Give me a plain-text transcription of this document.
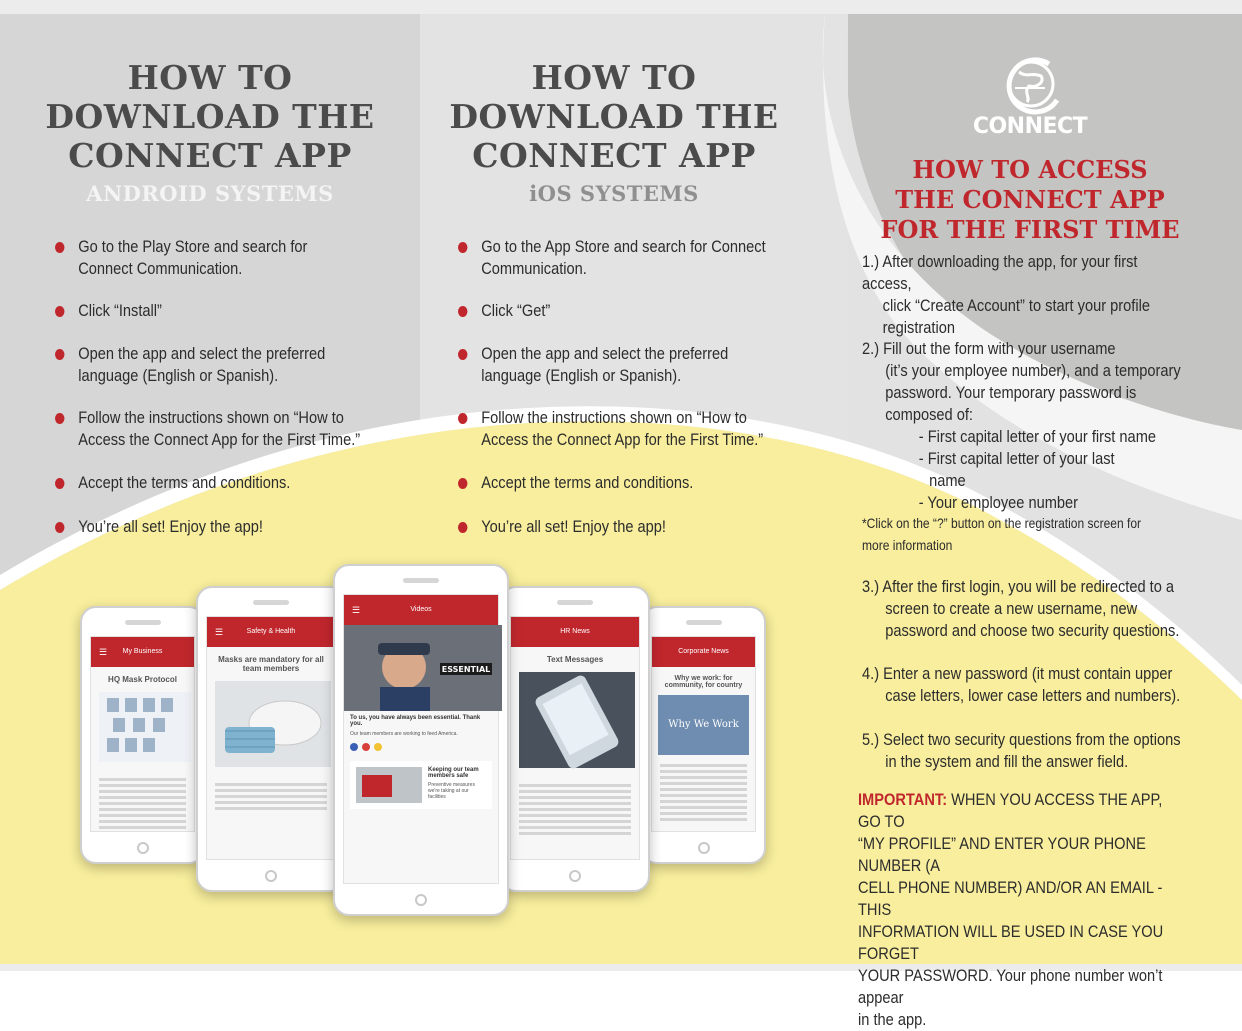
HOW TO
DOWNLOAD THE
CONNECT APP
ANDROID SYSTEMS
Go to the Play Store and search for Connect Communication.
Click “Install”
Open the app and select the preferred language (English or Spanish).
Follow the instructions shown on “How to Access the Connect App for the First Time.”
Accept the terms and conditions.
You’re all set! Enjoy the app!
HOW TO
DOWNLOAD THE
CONNECT APP
iOS SYSTEMS
Go to the App Store and search for Connect Communication.
Click “Get”
Open the app and select the preferred language (English or Spanish).
Follow the instructions shown on “How to Access the Connect App for the First Time.”
Accept the terms and conditions.
You’re all set! Enjoy the app!
CONNECT
HOW TO ACCESS
THE CONNECT APP
FOR THE FIRST TIME
1.) After downloading the app, for your first access,
click “Create Account” to start your profile
registration
2.) Fill out the form with your username
(it’s your employee number), and a temporary
password. Your temporary password is
composed of:
- First capital letter of your first name
- First capital letter of your last
name
- Your employee number
*Click on the “?” button on the registration screen for
more information
3.) After the first login, you will be redirected to a
screen to create a new username, new
password and choose two security questions.
4.) Enter a new password (it must contain upper
case letters, lower case letters and numbers).
5.) Select two security questions from the options
in the system and fill the answer field.
IMPORTANT: WHEN YOU ACCESS THE APP, GO TO
“MY PROFILE” AND ENTER YOUR PHONE NUMBER (A
CELL PHONE NUMBER) AND/OR AN EMAIL - THIS
INFORMATION WILL BE USED IN CASE YOU FORGET
YOUR PASSWORD. Your phone number won’t appear
in the app.
☰ My Business
HQ Mask Protocol
Corporate News
Why we work: for community, for country
Why We Work
☰	Safety & Health
Masks are mandatory for all team members
HR News
Text Messages
☰	Videos
ESSENTIAL
To us, you have always been essential. Thank you.
Our team members are working to feed America.
Keeping our team members safe
Preventive measures we're taking at our facilities
